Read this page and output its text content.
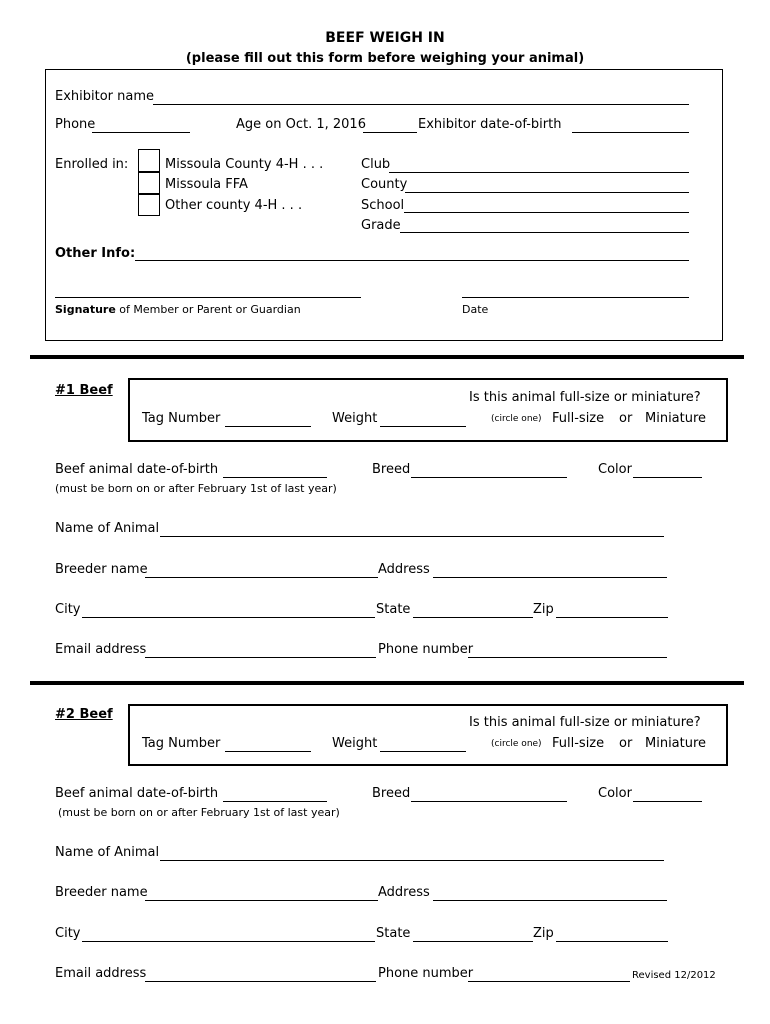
BEEF WEIGH IN
(please fill out this form before weighing your animal)
Exhibitor name
Phone	Age on Oct. 1, 2016	Exhibitor date-of-birth
Enrolled in:	Missoula County 4-H . . .
Missoula FFA
Other county 4-H . . .
Club
County
School
Grade
Other Info:
Signature of Member or Parent or Guardian	Date
#1 Beef	Is this animal full-size or miniature?
Tag Number	Weight	(circle one) Full-size or Miniature
Beef animal date-of-birth	Breed	Color
(must be born on or after February 1st of last year)
Name of Animal
Breeder name	Address
City	State	Zip
Email address	Phone number
#2 Beef
Is this animal full-size or miniature?
Tag Number	Weight	(circle one) Full-size or Miniature
Beef animal date-of-birth	Breed	Color
(must be born on or after February 1st of last year)
Name of Animal
Breeder name	Address
City	State	Zip
Email address	Phone number	Revised 12/2012
